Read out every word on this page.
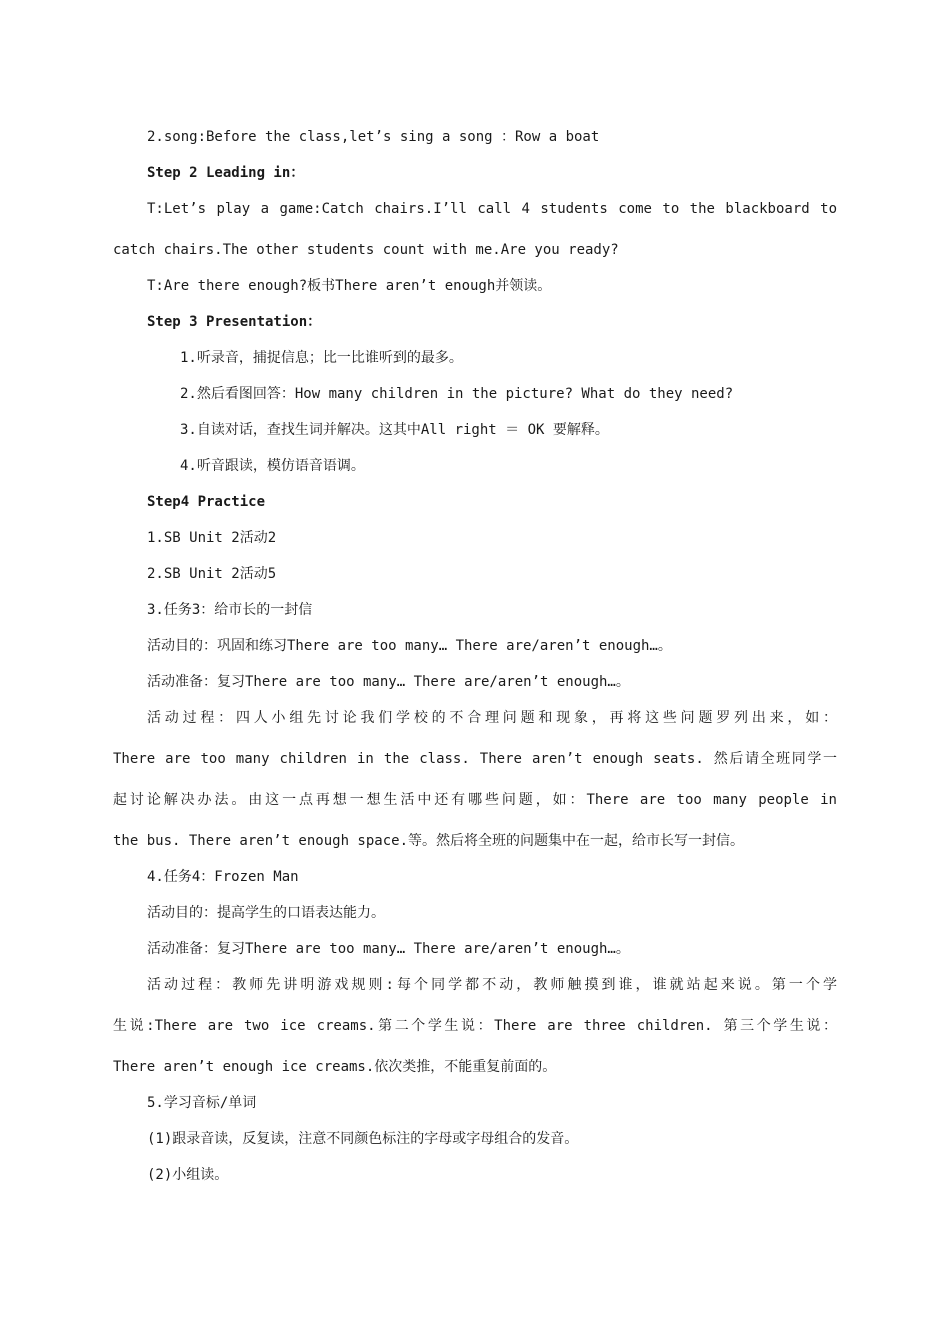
2.song:Before the class,let’s sing a song ：Row a boat
Step 2 Leading in：
T:Let’s play a game:Catch chairs.I’ll call 4 students come to the blackboard to
catch chairs.The other students count with me.Are you ready?
T:Are there enough?板书There aren’t enough并领读。
Step 3 Presentation：
1.听录音，捕捉信息；比一比谁听到的最多。
2.然后看图回答：How many children in the picture? What do they need?
3.自读对话，查找生词并解决。这其中All right ＝ OK 要解释。
4.听音跟读，模仿语音语调。
Step4 Practice
1.SB Unit 2活动2
2.SB Unit 2活动5
3.任务3：给市长的一封信
活动目的：巩固和练习There are too many… There are/aren’t enough…。
活动准备：复习There are too many… There are/aren’t enough…。
活动过程：四人小组先讨论我们学校的不合理问题和现象，再将这些问题罗列出来，如：
There are too many children in the class. There aren’t enough seats. 然后请全班同学一
起讨论解决办法。由这一点再想一想生活中还有哪些问题，如：There are too many people in
the bus. There aren’t enough space.等。然后将全班的问题集中在一起，给市长写一封信。
4.任务4：Frozen Man
活动目的：提高学生的口语表达能力。
活动准备：复习There are too many… There are/aren’t enough…。
活动过程：教师先讲明游戏规则:每个同学都不动，教师触摸到谁，谁就站起来说。第一个学
生说:There are two ice creams.第二个学生说：There are three children. 第三个学生说：
There aren’t enough ice creams.依次类推，不能重复前面的。
5.学习音标/单词
(1)跟录音读，反复读，注意不同颜色标注的字母或字母组合的发音。
(2)小组读。
